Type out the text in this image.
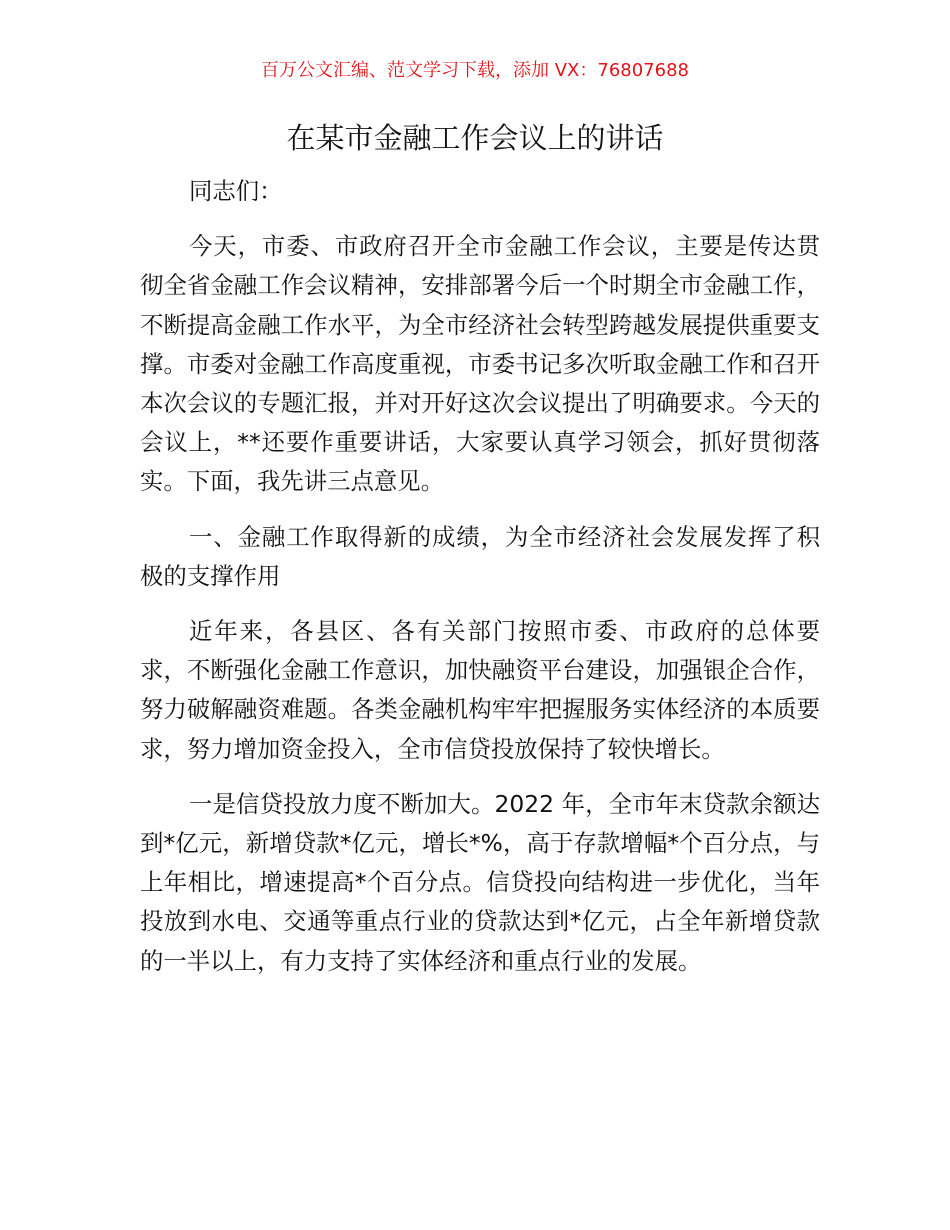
百万公文汇编、范文学习下载，添加 VX：76807688
在某市金融工作会议上的讲话

同志们：

今天，市委、市政府召开全市金融工作会议，主要是传达贯彻全省金融工作会议精神，安排部署今后一个时期全市金融工作，不断提高金融工作水平，为全市经济社会转型跨越发展提供重要支撑。市委对金融工作高度重视，市委书记多次听取金融工作和召开本次会议的专题汇报，并对开好这次会议提出了明确要求。今天的会议上，**还要作重要讲话，大家要认真学习领会，抓好贯彻落实。下面，我先讲三点意见。

一、金融工作取得新的成绩，为全市经济社会发展发挥了积极的支撑作用

近年来，各县区、各有关部门按照市委、市政府的总体要求，不断强化金融工作意识，加快融资平台建设，加强银企合作，努力破解融资难题。各类金融机构牢牢把握服务实体经济的本质要求，努力增加资金投入，全市信贷投放保持了较快增长。

一是信贷投放力度不断加大。2022 年，全市年末贷款余额达到*亿元，新增贷款*亿元，增长*%，高于存款增幅*个百分点，与上年相比，增速提高*个百分点。信贷投向结构进一步优化，当年投放到水电、交通等重点行业的贷款达到*亿元，占全年新增贷款的一半以上，有力支持了实体经济和重点行业的发展。
